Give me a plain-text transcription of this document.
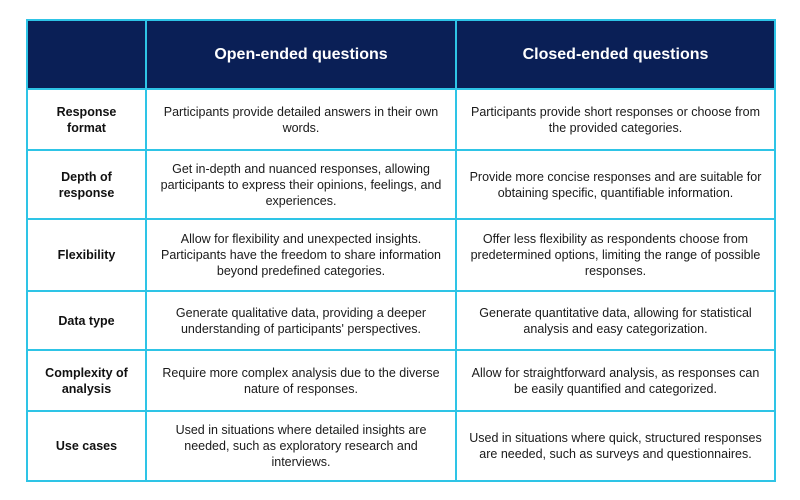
	Open-ended questions	Closed-ended questions
Response format	Participants provide detailed answers in their own words.	Participants provide short responses or choose from the provided categories.
Depth of response	Get in-depth and nuanced responses, allowing participants to express their opinions, feelings, and experiences.	Provide more concise responses and are suitable for obtaining specific, quantifiable information.
Flexibility	Allow for flexibility and unexpected insights. Participants have the freedom to share information beyond predefined categories.	Offer less flexibility as respondents choose from predetermined options, limiting the range of possible responses.
Data type	Generate qualitative data, providing a deeper understanding of participants' perspectives.	Generate quantitative data, allowing for statistical analysis and easy categorization.
Complexity of analysis	Require more complex analysis due to the diverse nature of responses.	Allow for straightforward analysis, as responses can be easily quantified and categorized.
Use cases	Used in situations where detailed insights are needed, such as exploratory research and interviews.	Used in situations where quick, structured responses are needed, such as surveys and questionnaires.
